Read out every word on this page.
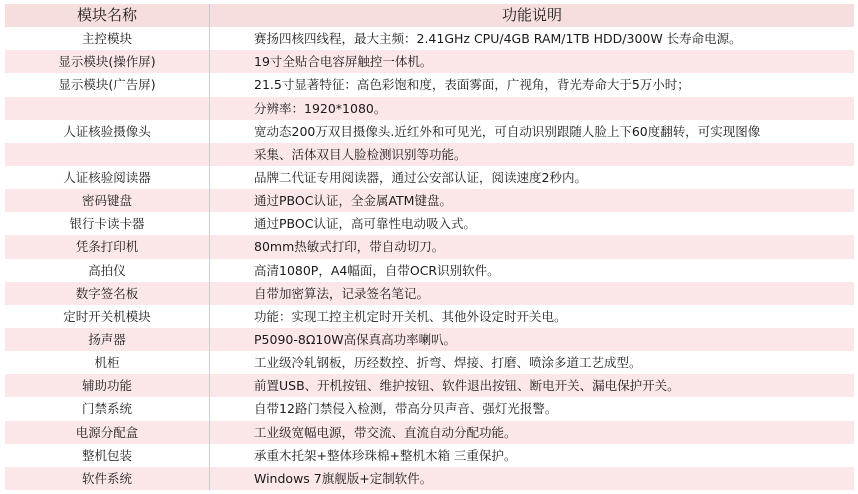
模块名称	功能说明
主控模块	赛扬四核四线程，最大主频：2.41GHz CPU/4GB RAM/1TB HDD/300W 长寿命电源。
显示模块(操作屏)	19寸全贴合电容屏触控一体机。
显示模块(广告屏)	21.5寸显著特征：高色彩饱和度，表面雾面，广视角，背光寿命大于5万小时；
	分辨率：1920*1080。
人证核验摄像头	宽动态200万双目摄像头.近红外和可见光，可自动识别跟随人脸上下60度翻转，可实现图像
	采集、活体双目人脸检测识别等功能。
人证核验阅读器	品牌二代证专用阅读器，通过公安部认证，阅读速度2秒内。
密码键盘	通过PBOC认证，全金属ATM键盘。
银行卡读卡器	通过PBOC认证，高可靠性电动吸入式。
凭条打印机	80mm热敏式打印，带自动切刀。
高拍仪	高清1080P，A4幅面，自带OCR识别软件。
数字签名板	自带加密算法，记录签名笔记。
定时开关机模块	功能：实现工控主机定时开关机、其他外设定时开关电。
扬声器	P5090-8Ω10W高保真高功率喇叭。
机柜	工业级冷轧钢板，历经数控、折弯、焊接、打磨、喷涂多道工艺成型。
辅助功能	前置USB、开机按钮、维护按钮、软件退出按钮、断电开关、漏电保护开关。
门禁系统	自带12路门禁侵入检测，带高分贝声音、强灯光报警。
电源分配盒	工业级宽幅电源，带交流、直流自动分配功能。
整机包装	承重木托架+整体珍珠棉+整机木箱 三重保护。
软件系统	Windows 7旗舰版+定制软件。
